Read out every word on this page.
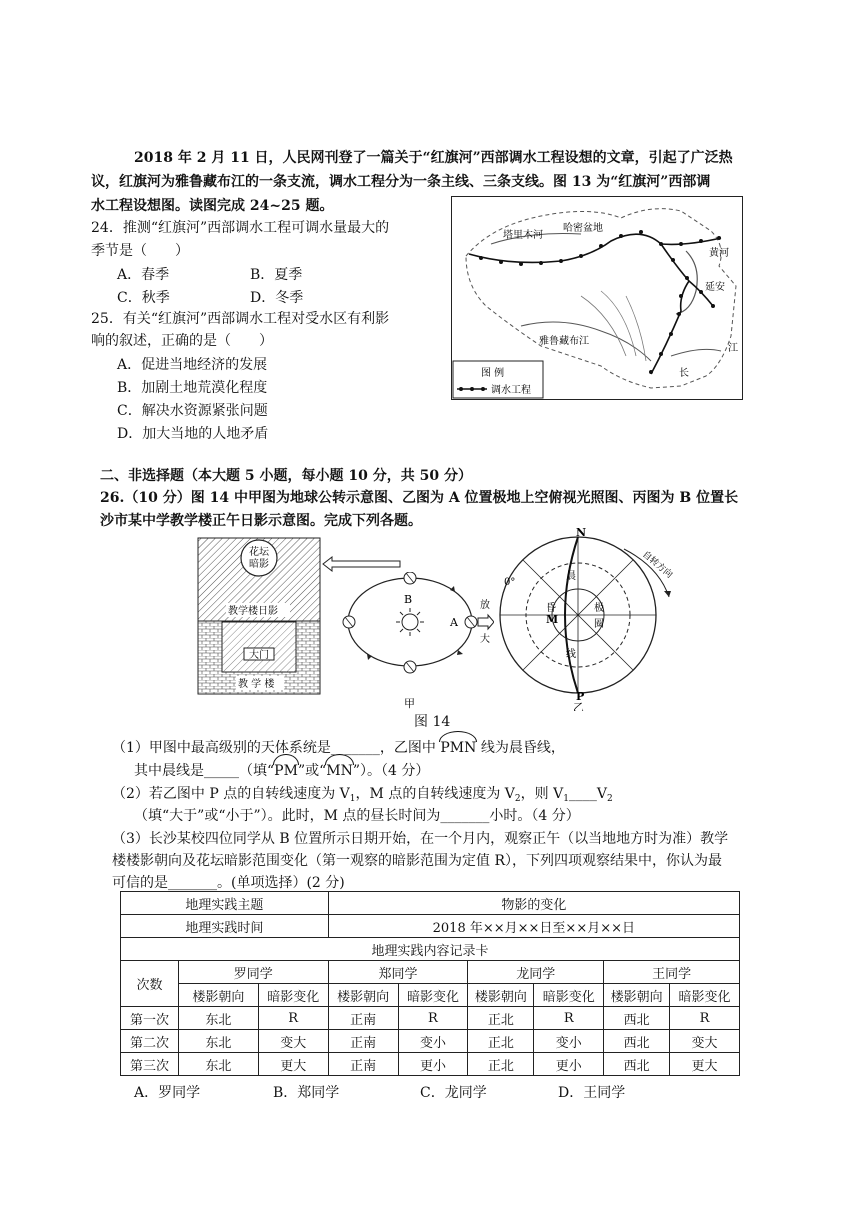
2018 年 2 月 11 日，人民网刊登了一篇关于“红旗河”西部调水工程设想的文章，引起了广泛热
议，红旗河为雅鲁藏布江的一条支流，调水工程分为一条主线、三条支线。图 13 为“红旗河”西部调
水工程设想图。读图完成 24~25 题。
24．推测“红旗河”西部调水工程可调水量最大的
季节是（　　）
A．春季	B．夏季
C．秋季	D．冬季
25．有关“红旗河”西部调水工程对受水区有利影
响的叙述，正确的是（　　）
A．促进当地经济的发展
B．加剧土地荒漠化程度
C．解决水资源紧张问题
D．加大当地的人地矛盾
塔里木河
哈密盆地
黄河
延安
雅鲁藏布江
江
长
图 例
调水工程
二、非选择题（本大题 5 小题，每小题 10 分，共 50 分）
26.（10 分）图 14 中甲图为地球公转示意图、乙图为 A 位置极地上空俯视光照图、丙图为 B 位置长
沙市某中学教学楼正午日影示意图。完成下列各题。
花坛
暗影
教学楼日影
大门
教 学 楼
B
A
甲
放
大
N
P
M
0°
自转方向
晨
昏
线
极
圈
乙
图 14
（1）甲图中最高级别的天体系统是_______，乙图中 PMN 线为晨昏线，
其中晨线是_____（填“PM”或“MN”）。（4 分）
（2）若乙图中 P 点的自转线速度为 $V_1$，M 点的自转线速度为 $V_2$，则 $V_1\_\_\_\_V_2$
（填“大于”或“小于”）。此时，M 点的昼长时间为_______小时。（4 分）
（3）长沙某校四位同学从 B 位置所示日期开始，在一个月内，观察正午（以当地地方时为准）教学
楼楼影朝向及花坛暗影范围变化（第一观察的暗影范围为定值 R），下列四项观察结果中，你认为最
可信的是_______。(单项选择）(2 分)
地理实践主题			物影的变化					
地理实践时间			2018 年××月××日至××月××日					
地理实践内容记录卡								
次数	罗同学		郑同学		龙同学		王同学	
	楼影朝向	暗影变化	楼影朝向	暗影变化	楼影朝向	暗影变化	楼影朝向	暗影变化
第一次	东北	R	正南	R	正北	R	西北	R
第二次	东北	变大	正南	变小	正北	变小	西北	变大
第三次	东北	更大	正南	更小	正北	更小	西北	更大
A．罗同学	B．郑同学	C．龙同学	D．王同学
